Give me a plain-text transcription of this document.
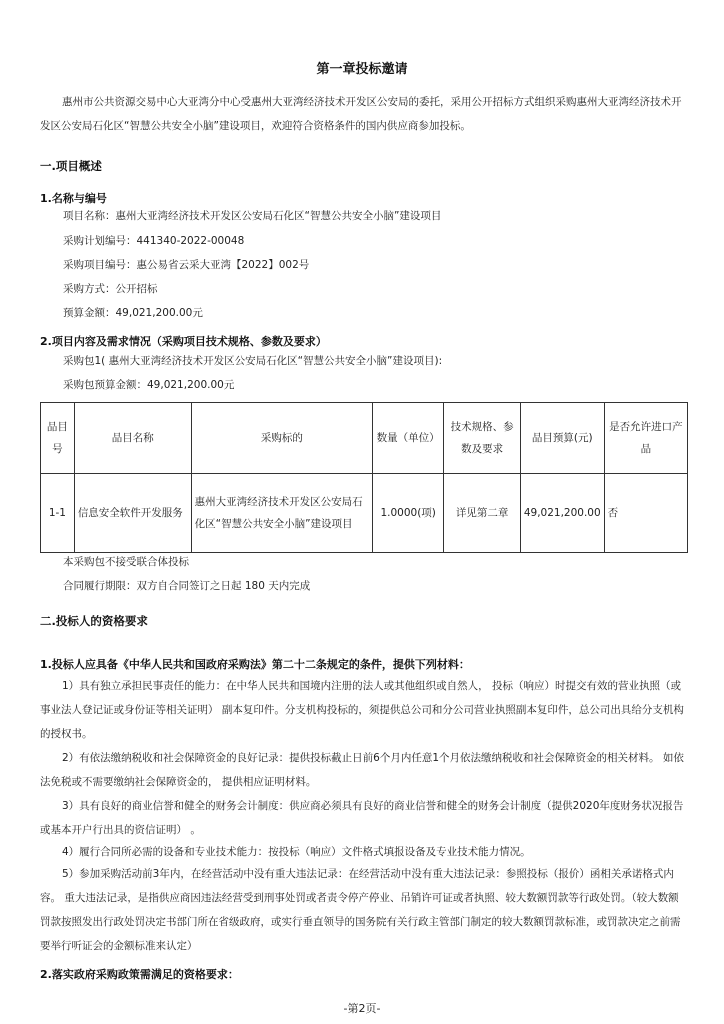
第一章投标邀请
惠州市公共资源交易中心大亚湾分中心受惠州大亚湾经济技术开发区公安局的委托，采用公开招标方式组织采购惠州大亚湾经济技术开发区公安局石化区“智慧公共安全小脑”建设项目，欢迎符合资格条件的国内供应商参加投标。
一.项目概述
1.名称与编号
项目名称：惠州大亚湾经济技术开发区公安局石化区“智慧公共安全小脑”建设项目
采购计划编号：441340-2022-00048
采购项目编号：惠公易省云采大亚湾【2022】002号
采购方式：公开招标
预算金额：49,021,200.00元
2.项目内容及需求情况（采购项目技术规格、参数及要求）
采购包1( 惠州大亚湾经济技术开发区公安局石化区“智慧公共安全小脑”建设项目):
采购包预算金额：49,021,200.00元
品目号	品目名称	采购标的	数量（单位）	技术规格、参数及要求	品目预算(元)	是否允许进口产品
1-1	信息安全软件开发服务	惠州大亚湾经济技术开发区公安局石化区“智慧公共安全小脑”建设项目	1.0000(项)	详见第二章	49,021,200.00	否
本采购包不接受联合体投标
合同履行期限：双方自合同签订之日起 180 天内完成
二.投标人的资格要求
1.投标人应具备《中华人民共和国政府采购法》第二十二条规定的条件，提供下列材料：
1）具有独立承担民事责任的能力：在中华人民共和国境内注册的法人或其他组织或自然人， 投标（响应）时提交有效的营业执照（或事业法人登记证或身份证等相关证明） 副本复印件。分支机构投标的，须提供总公司和分公司营业执照副本复印件，总公司出具给分支机构的授权书。
2）有依法缴纳税收和社会保障资金的良好记录：提供投标截止日前6个月内任意1个月依法缴纳税收和社会保障资金的相关材料。 如依法免税或不需要缴纳社会保障资金的， 提供相应证明材料。
3）具有良好的商业信誉和健全的财务会计制度：供应商必须具有良好的商业信誉和健全的财务会计制度（提供2020年度财务状况报告或基本开户行出具的资信证明） 。
4）履行合同所必需的设备和专业技术能力：按投标（响应）文件格式填报设备及专业技术能力情况。
5）参加采购活动前3年内，在经营活动中没有重大违法记录：在经营活动中没有重大违法记录：参照投标（报价）函相关承诺格式内容。 重大违法记录，是指供应商因违法经营受到刑事处罚或者责令停产停业、吊销许可证或者执照、较大数额罚款等行政处罚。（较大数额罚款按照发出行政处罚决定书部门所在省级政府，或实行垂直领导的国务院有关行政主管部门制定的较大数额罚款标准，或罚款决定之前需要举行听证会的金额标准来认定）
2.落实政府采购政策需满足的资格要求：
-第2页-
